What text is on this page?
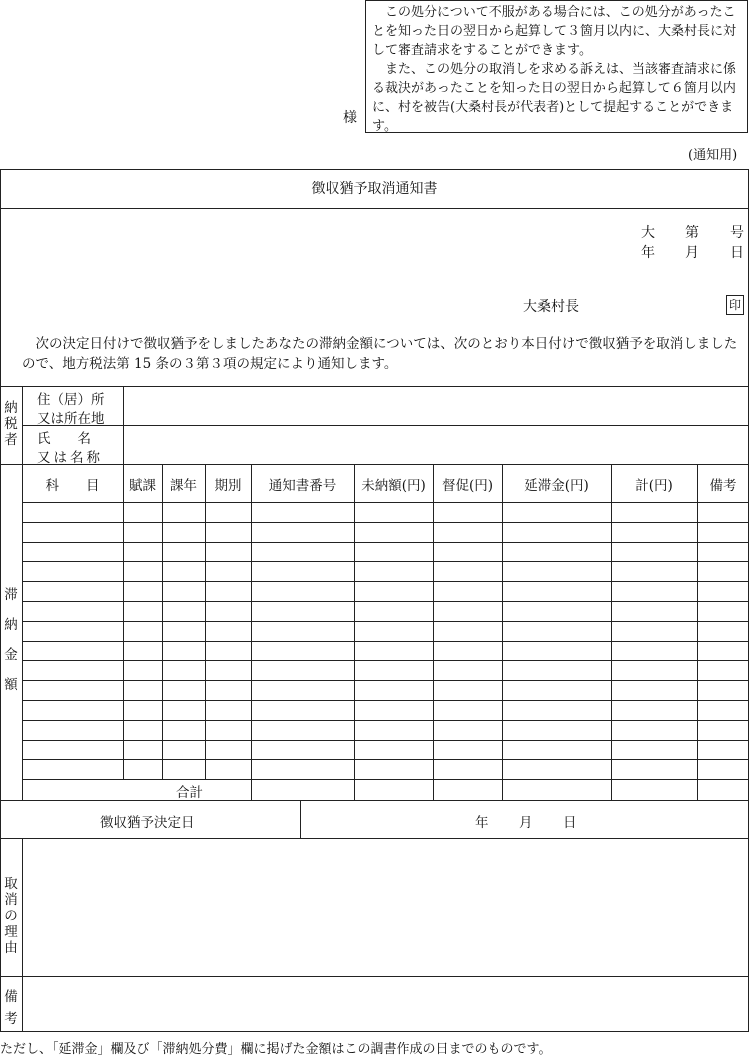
この処分について不服がある場合には、この処分があったことを知った日の翌日から起算して３箇月以内に、大桑村長に対して審査請求をすることができます。

また、この処分の取消しを求める訴えは、当該審査請求に係る裁決があったことを知った日の翌日から起算して６箇月以内に、村を被告(大桑村長が代表者)として提起することができます。

様
(通知用)
徴収猶予取消通知書
大 第 号
年 月 日
大桑村長	印
次の決定日付けで徴収猶予をしましたあなたの滞納金額については、次のとおり本日付けで徴収猶予を取消しましたので、地方税法第 15 条の３第３項の規定により通知します。
納税者
住（居）所
又は所在地
氏　　名
又は名称
滞納金額
科　　目	賦課	課年	期別	通知書番号	未納額(円)	督促(円)	延滞金(円)	計(円)	備考
合計
徴収猶予決定日	年 月 日
取消の理由
備考
ただし、「延滞金」欄及び「滞納処分費」欄に掲げた金額はこの調書作成の日までのものです。
